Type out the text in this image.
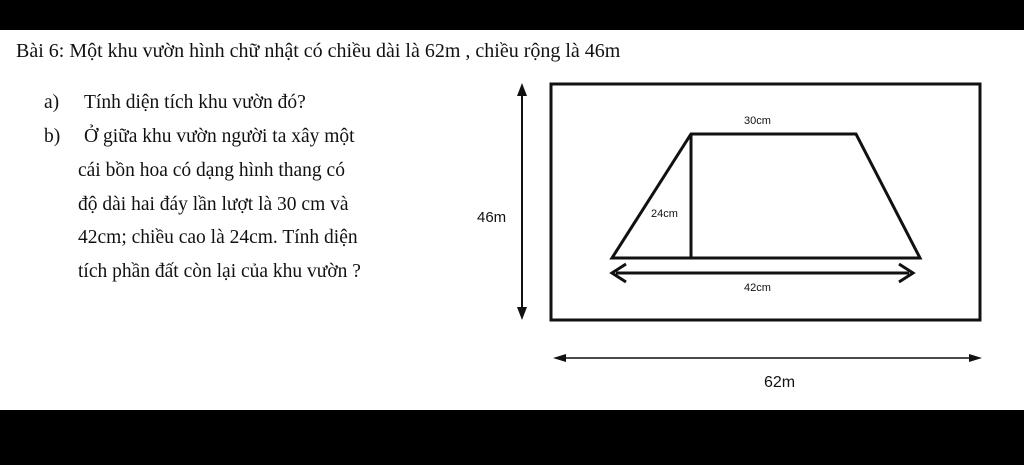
Bài 6: Một khu vườn hình chữ nhật có chiều dài là 62m , chiều rộng là 46m
a) Tính diện tích khu vườn đó?
b) Ở giữa khu vườn người ta xây một
cái bồn hoa có dạng hình thang có
độ dài hai đáy lần lượt là 30 cm và
42cm; chiều cao là 24cm. Tính diện
tích phần đất còn lại của khu vườn ?
46m
30cm
24cm
42cm
62m
